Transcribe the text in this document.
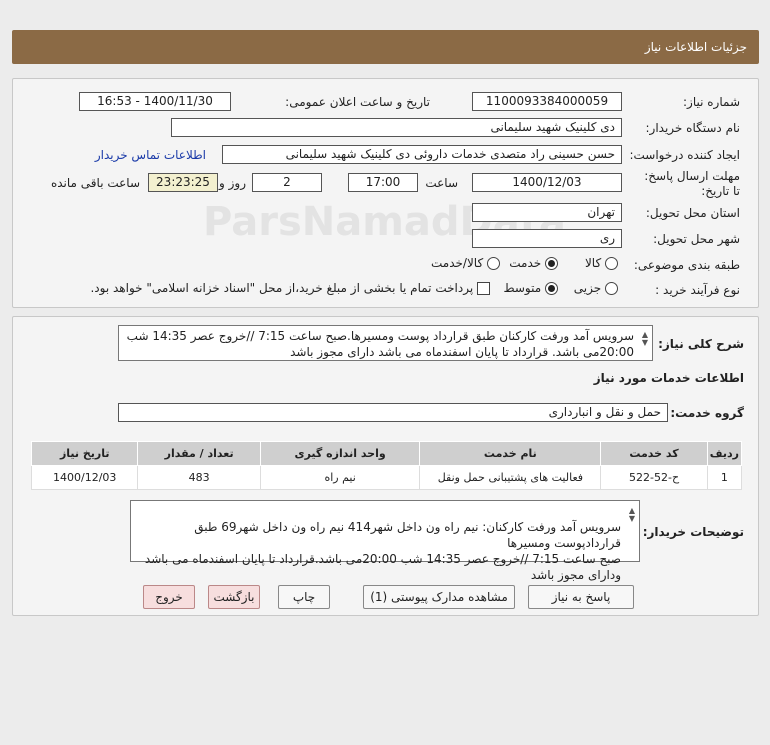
جزئیات اطلاعات نیاز
ParsNamadData
شماره نیاز:
1100093384000059
تاریخ و ساعت اعلان عمومی:
1400/11/30 - 16:53
نام دستگاه خریدار:
دی کلینیک شهید سلیمانی
ایجاد کننده درخواست:
حسن حسینی راد متصدی خدمات داروئی دی کلینیک شهید سلیمانی
اطلاعات تماس خریدار
مهلت ارسال پاسخ: تا تاریخ:
1400/12/03
ساعت
17:00
2
روز و
23:23:25
ساعت باقی مانده
استان محل تحویل:
تهران
شهر محل تحویل:
ری
طبقه بندی موضوعی:
کالا
خدمت
کالا/خدمت
نوع فرآیند خرید :
جزیی
متوسط
پرداخت تمام یا بخشی از مبلغ خرید،از محل "اسناد خزانه اسلامی" خواهد بود.
شرح کلی نیاز:
سرویس آمد ورفت کارکنان طبق قرارداد پوست ومسیرها.صبح ساعت 7:15 //خروج عصر 14:35 شب 20:00می باشد. قرارداد تا پایان اسفندماه می باشد دارای مجوز باشد
▲
▼
اطلاعات خدمات مورد نیاز
گروه خدمت:
حمل و نقل و انبارداری
ردیف	کد خدمت	نام خدمت	واحد اندازه گیری	تعداد / مقدار	تاریخ نیاز
1	ح-52-522	فعالیت های پشتیبانی حمل ونقل	نیم راه	483	1400/12/03
توضیحات خریدار:

سرویس آمد ورفت کارکنان: نیم راه ون داخل شهر414 نیم راه ون داخل شهر69 طبق قراردادپوست ومسیرها
صبح ساعت 7:15 //خروج عصر 14:35 شب 20:00می باشد.قرارداد تا پایان اسفندماه می باشد ودارای مجوز باشد

▲
▼
پاسخ به نیاز
مشاهده مدارک پیوستی (1)
چاپ
بازگشت
خروج
